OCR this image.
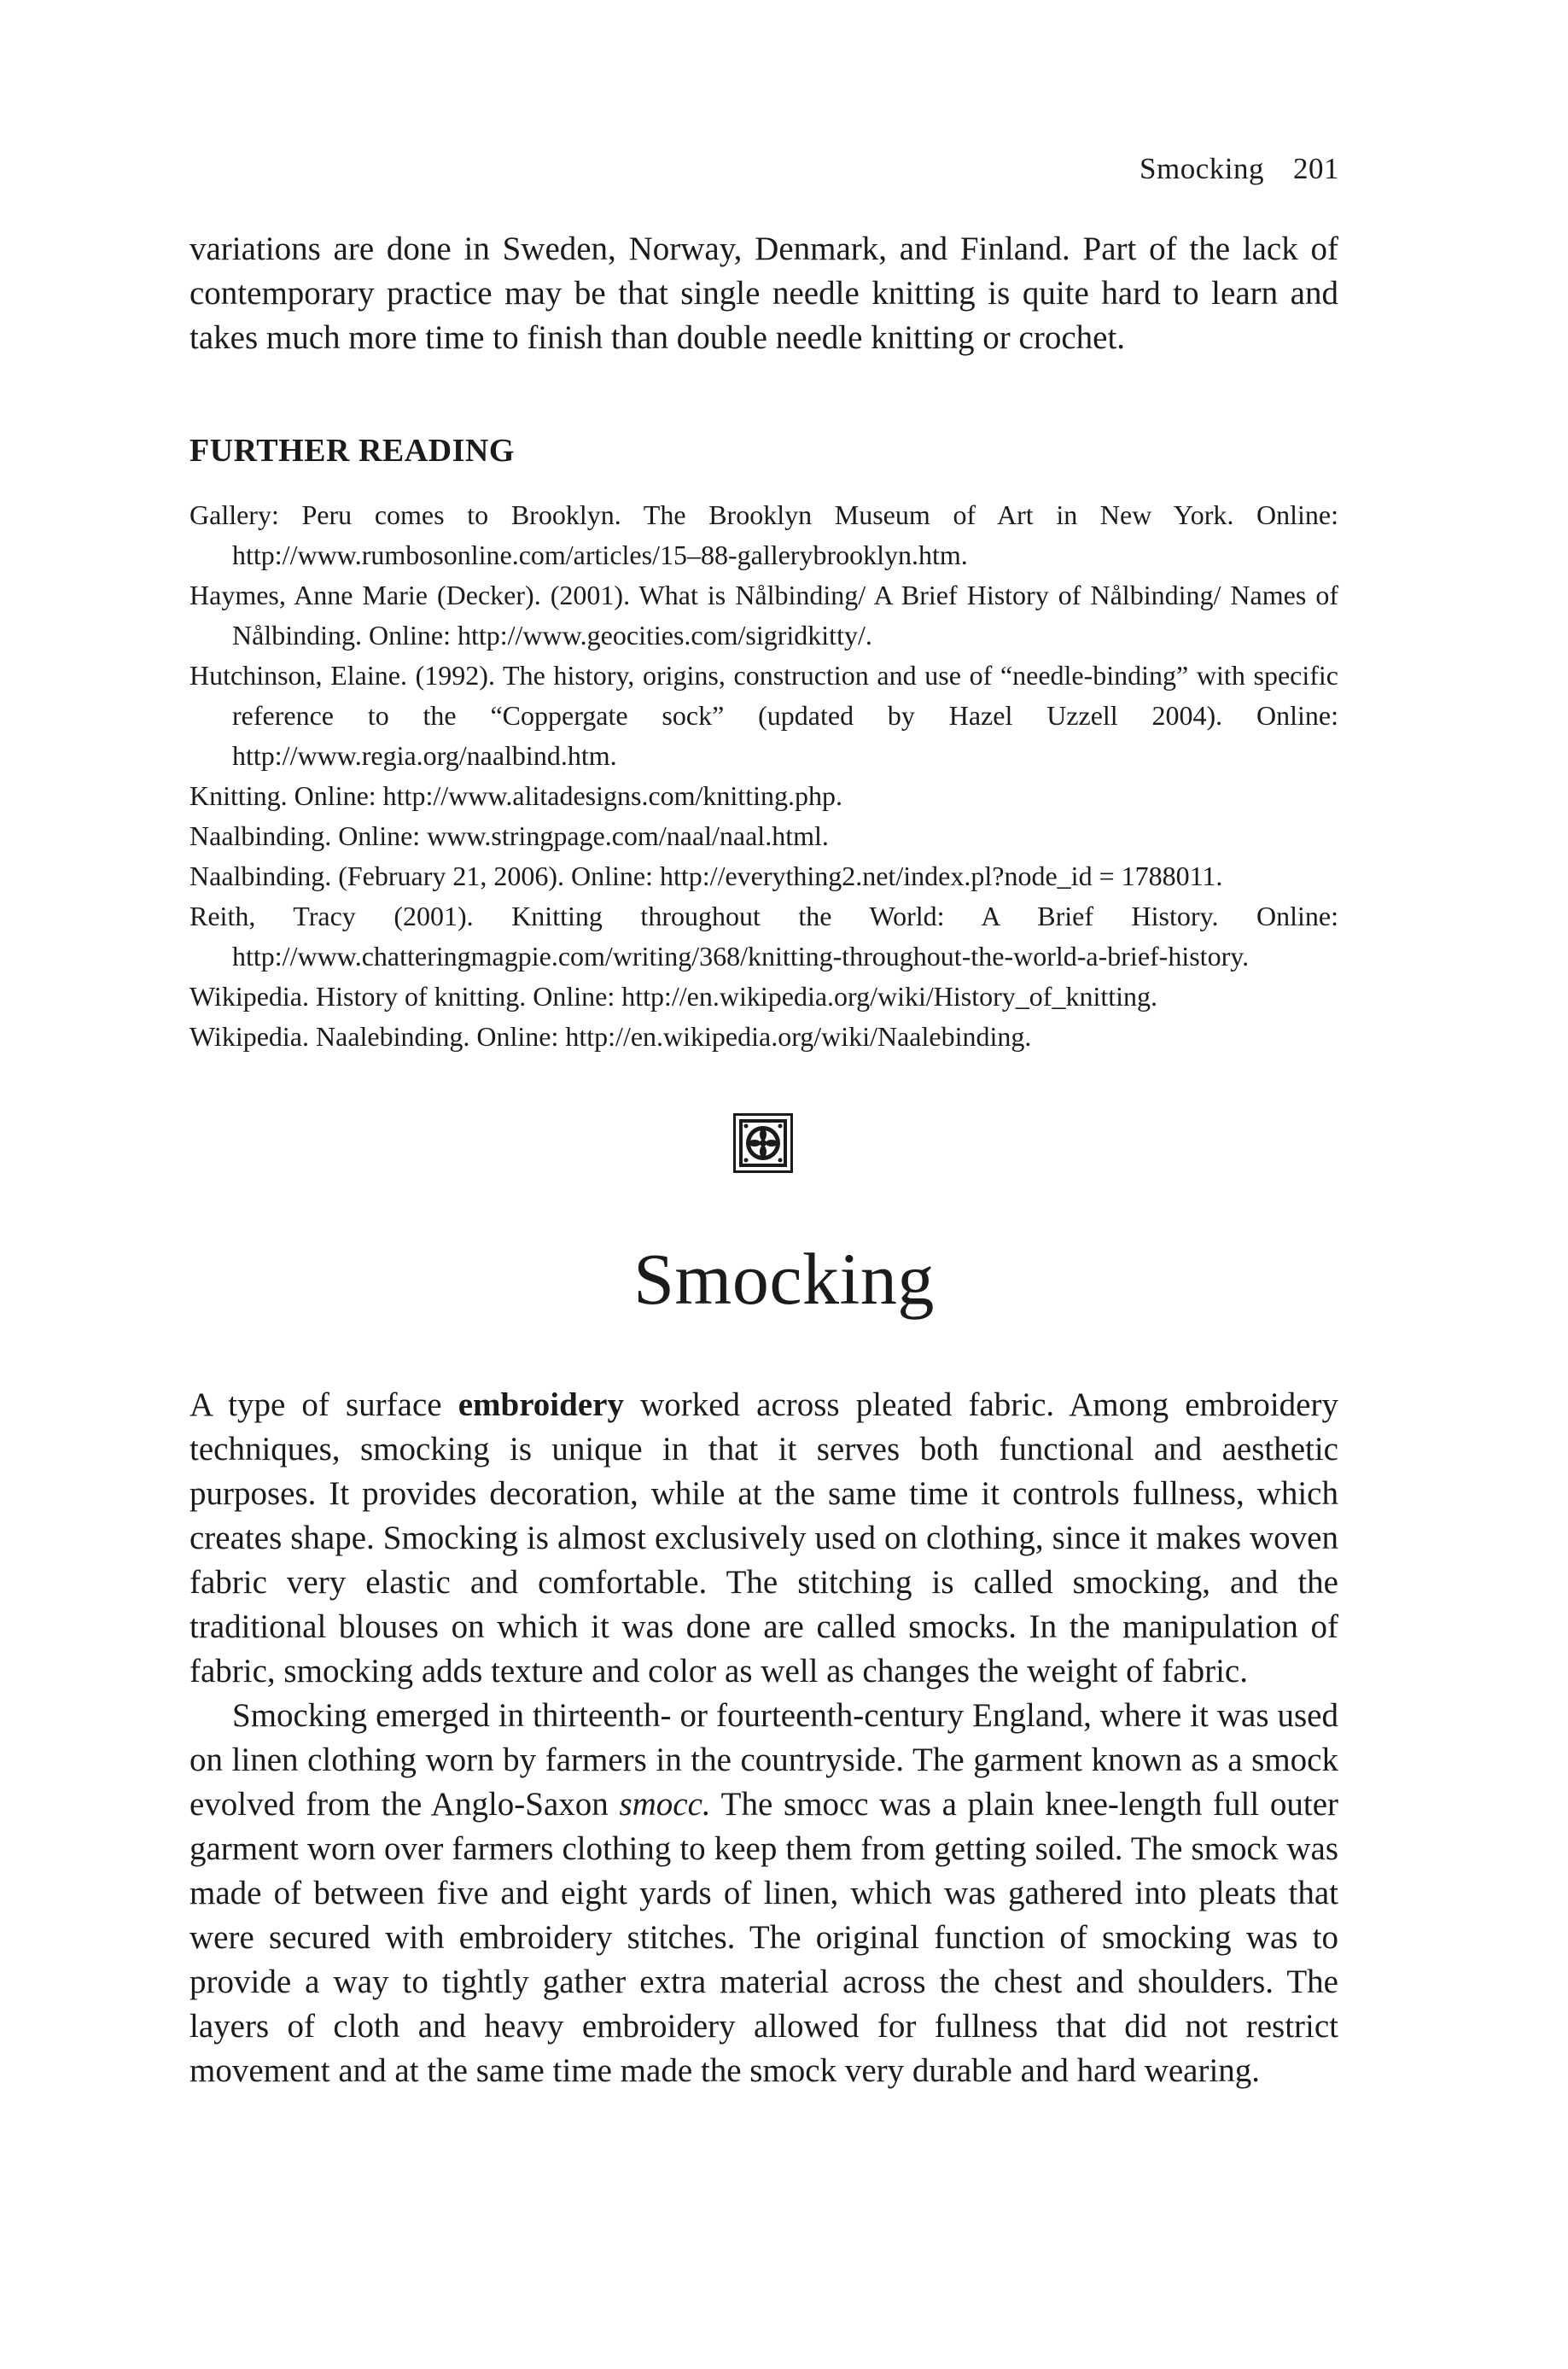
Smocking 201

variations are done in Sweden, Norway, Denmark, and Finland. Part of the lack of contemporary practice may be that single needle knitting is quite hard to learn and takes much more time to finish than double needle knitting or crochet.

FURTHER READING
Gallery: Peru comes to Brooklyn. The Brooklyn Museum of Art in New York. Online: http://www.rumbosonline.com/articles/15–88-gallerybrooklyn.htm.
Haymes, Anne Marie (Decker). (2001). What is Nålbinding/ A Brief History of Nålbinding/ Names of Nålbinding. Online: http://www.geocities.com/sigridkitty/.
Hutchinson, Elaine. (1992). The history, origins, construction and use of “needle-binding” with specific reference to the “Coppergate sock” (updated by Hazel Uzzell 2004). Online: http://www.regia.org/naalbind.htm.
Knitting. Online: http://www.alitadesigns.com/knitting.php.
Naalbinding. Online: www.stringpage.com/naal/naal.html.
Naalbinding. (February 21, 2006). Online: http://everything2.net/index.pl?node_id = 1788011.
Reith, Tracy (2001). Knitting throughout the World: A Brief History. Online: http://www.chatteringmagpie.com/writing/368/knitting-throughout-the-world-a-brief-history.
Wikipedia. History of knitting. Online: http://en.wikipedia.org/wiki/History_of_knitting.
Wikipedia. Naalebinding. Online: http://en.wikipedia.org/wiki/Naalebinding.
Smocking

A type of surface embroidery worked across pleated fabric. Among embroidery techniques, smocking is unique in that it serves both functional and aesthetic purposes. It provides decoration, while at the same time it controls fullness, which creates shape. Smocking is almost exclusively used on clothing, since it makes woven fabric very elastic and comfortable. The stitching is called smocking, and the traditional blouses on which it was done are called smocks. In the manipulation of fabric, smocking adds texture and color as well as changes the weight of fabric.

Smocking emerged in thirteenth- or fourteenth-century England, where it was used on linen clothing worn by farmers in the countryside. The garment known as a smock evolved from the Anglo-Saxon smocc. The smocc was a plain knee-length full outer garment worn over farmers clothing to keep them from getting soiled. The smock was made of between five and eight yards of linen, which was gathered into pleats that were secured with embroidery stitches. The original function of smocking was to provide a way to tightly gather extra material across the chest and shoulders. The layers of cloth and heavy embroidery allowed for fullness that did not restrict movement and at the same time made the smock very durable and hard wearing.
